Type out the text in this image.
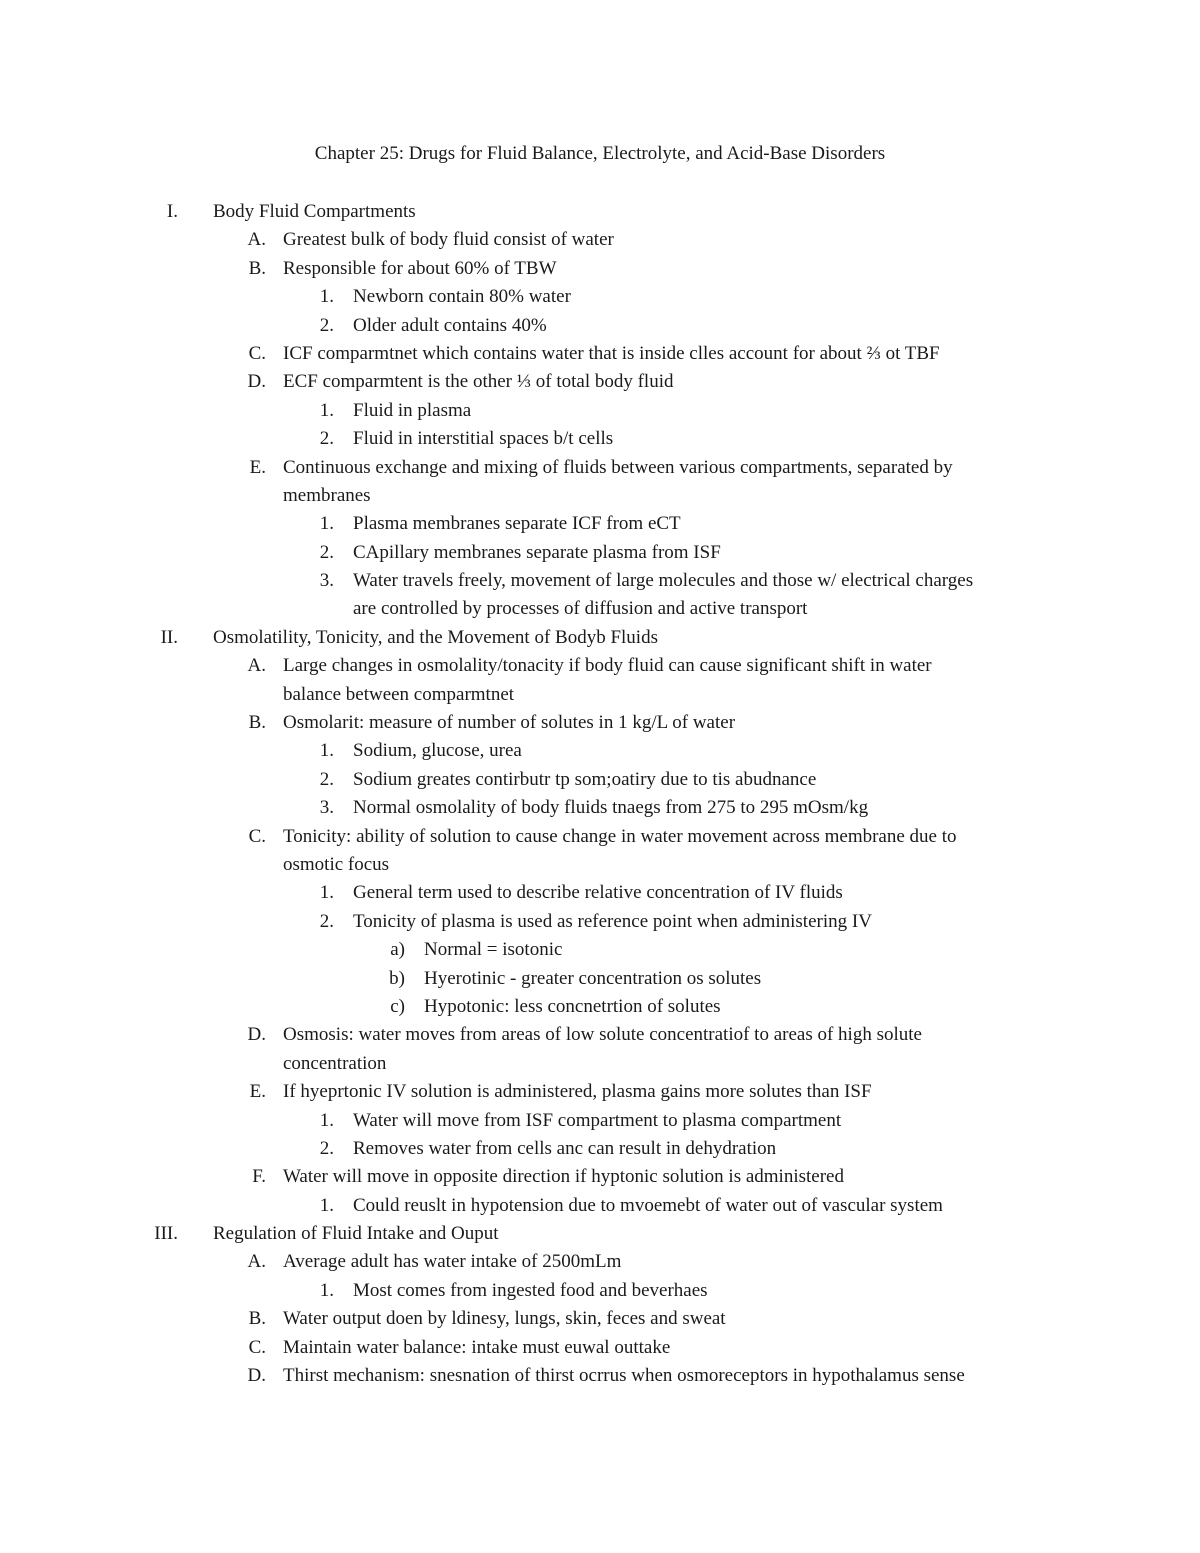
Chapter 25: Drugs for Fluid Balance, Electrolyte, and Acid-Base Disorders
I. Body Fluid Compartments
A. Greatest bulk of body fluid consist of water
B. Responsible for about 60% of TBW
1. Newborn contain 80% water
2. Older adult contains 40%
C. ICF comparmtnet which contains water that is inside clles account for about ⅔ ot TBF
D. ECF comparmtent is the other ⅓ of total body fluid
1. Fluid in plasma
2. Fluid in interstitial spaces b/t cells
E. Continuous exchange and mixing of fluids between various compartments, separated by
membranes
1. Plasma membranes separate ICF from eCT
2. CApillary membranes separate plasma from ISF
3. Water travels freely, movement of large molecules and those w/ electrical charges
are controlled by processes of diffusion and active transport
II. Osmolatility, Tonicity, and the Movement of Bodyb Fluids
A. Large changes in osmolality/tonacity if body fluid can cause significant shift in water
balance between comparmtnet
B. Osmolarit: measure of number of solutes in 1 kg/L of water
1. Sodium, glucose, urea
2. Sodium greates contirbutr tp som;oatiry due to tis abudnance
3. Normal osmolality of body fluids tnaegs from 275 to 295 mOsm/kg
C. Tonicity: ability of solution to cause change in water movement across membrane due to
osmotic focus
1. General term used to describe relative concentration of IV fluids
2. Tonicity of plasma is used as reference point when administering IV
a) Normal = isotonic
b) Hyerotinic - greater concentration os solutes
c) Hypotonic: less concnetrtion of solutes
D. Osmosis: water moves from areas of low solute concentratiof to areas of high solute
concentration
E. If hyeprtonic IV solution is administered, plasma gains more solutes than ISF
1. Water will move from ISF compartment to plasma compartment
2. Removes water from cells anc can result in dehydration
F. Water will move in opposite direction if hyptonic solution is administered
1. Could reuslt in hypotension due to mvoemebt of water out of vascular system
III. Regulation of Fluid Intake and Ouput
A. Average adult has water intake of 2500mLm
1. Most comes from ingested food and beverhaes
B. Water output doen by ldinesy, lungs, skin, feces and sweat
C. Maintain water balance: intake must euwal outtake
D. Thirst mechanism: snesnation of thirst ocrrus when osmoreceptors in hypothalamus sense
